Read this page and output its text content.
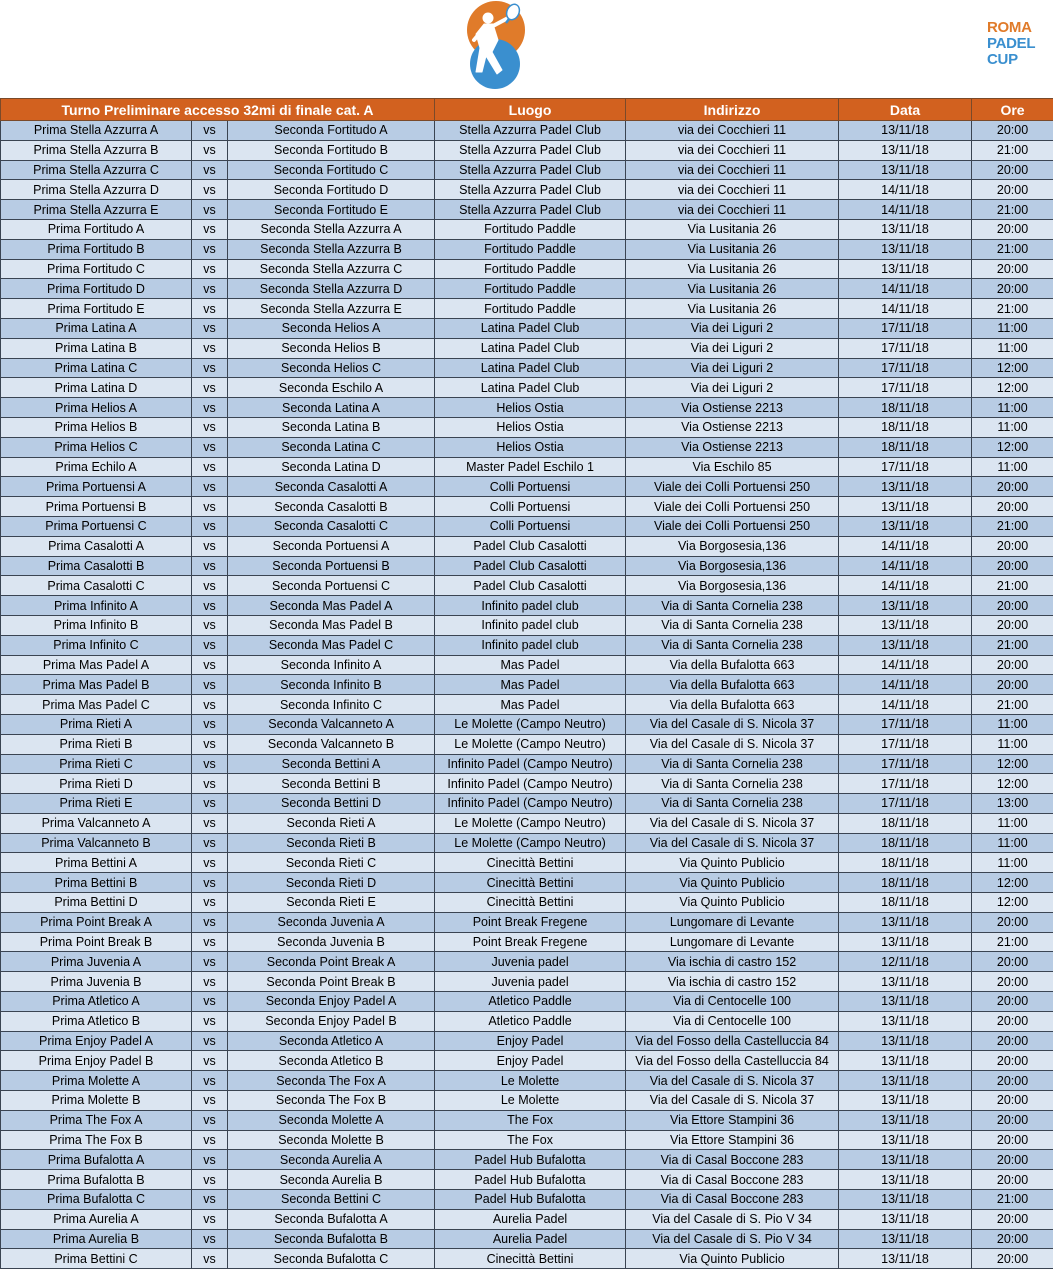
ROMA
PADEL
CUP
Turno Preliminare accesso 32mi di finale cat. A			Luogo	Indirizzo	Data	Ore
Prima Stella Azzurra A	vs	Seconda Fortitudo A	Stella Azzurra Padel Club	via dei Cocchieri 11	13/11/18	20:00
Prima Stella Azzurra B	vs	Seconda Fortitudo B	Stella Azzurra Padel Club	via dei Cocchieri 11	13/11/18	21:00
Prima Stella Azzurra C	vs	Seconda Fortitudo C	Stella Azzurra Padel Club	via dei Cocchieri 11	13/11/18	20:00
Prima Stella Azzurra D	vs	Seconda Fortitudo D	Stella Azzurra Padel Club	via dei Cocchieri 11	14/11/18	20:00
Prima Stella Azzurra E	vs	Seconda Fortitudo E	Stella Azzurra Padel Club	via dei Cocchieri 11	14/11/18	21:00
Prima Fortitudo A	vs	Seconda Stella Azzurra A	Fortitudo Paddle	Via Lusitania 26	13/11/18	20:00
Prima Fortitudo B	vs	Seconda Stella Azzurra B	Fortitudo Paddle	Via Lusitania 26	13/11/18	21:00
Prima Fortitudo C	vs	Seconda Stella Azzurra C	Fortitudo Paddle	Via Lusitania 26	13/11/18	20:00
Prima Fortitudo D	vs	Seconda Stella Azzurra D	Fortitudo Paddle	Via Lusitania 26	14/11/18	20:00
Prima Fortitudo E	vs	Seconda Stella Azzurra E	Fortitudo Paddle	Via Lusitania 26	14/11/18	21:00
Prima Latina A	vs	Seconda Helios A	Latina Padel Club	Via dei Liguri 2	17/11/18	11:00
Prima Latina B	vs	Seconda Helios B	Latina Padel Club	Via dei Liguri 2	17/11/18	11:00
Prima Latina C	vs	Seconda Helios C	Latina Padel Club	Via dei Liguri 2	17/11/18	12:00
Prima Latina D	vs	Seconda Eschilo A	Latina Padel Club	Via dei Liguri 2	17/11/18	12:00
Prima Helios A	vs	Seconda Latina A	Helios Ostia	Via Ostiense 2213	18/11/18	11:00
Prima Helios B	vs	Seconda Latina B	Helios Ostia	Via Ostiense 2213	18/11/18	11:00
Prima Helios C	vs	Seconda Latina C	Helios Ostia	Via Ostiense 2213	18/11/18	12:00
Prima Echilo A	vs	Seconda Latina D	Master Padel Eschilo 1	Via Eschilo 85	17/11/18	11:00
Prima Portuensi A	vs	Seconda Casalotti A	Colli Portuensi	Viale dei Colli Portuensi 250	13/11/18	20:00
Prima Portuensi B	vs	Seconda Casalotti B	Colli Portuensi	Viale dei Colli Portuensi 250	13/11/18	20:00
Prima Portuensi C	vs	Seconda Casalotti C	Colli Portuensi	Viale dei Colli Portuensi 250	13/11/18	21:00
Prima Casalotti A	vs	Seconda Portuensi A	Padel Club Casalotti	Via Borgosesia,136	14/11/18	20:00
Prima Casalotti B	vs	Seconda Portuensi B	Padel Club Casalotti	Via Borgosesia,136	14/11/18	20:00
Prima Casalotti C	vs	Seconda Portuensi C	Padel Club Casalotti	Via Borgosesia,136	14/11/18	21:00
Prima Infinito A	vs	Seconda Mas Padel A	Infinito padel club	Via di Santa Cornelia 238	13/11/18	20:00
Prima Infinito B	vs	Seconda Mas Padel B	Infinito padel club	Via di Santa Cornelia 238	13/11/18	20:00
Prima Infinito C	vs	Seconda Mas Padel C	Infinito padel club	Via di Santa Cornelia 238	13/11/18	21:00
Prima Mas Padel A	vs	Seconda Infinito A	Mas Padel	Via della Bufalotta 663	14/11/18	20:00
Prima Mas Padel B	vs	Seconda Infinito B	Mas Padel	Via della Bufalotta 663	14/11/18	20:00
Prima Mas Padel C	vs	Seconda Infinito C	Mas Padel	Via della Bufalotta 663	14/11/18	21:00
Prima Rieti A	vs	Seconda Valcanneto A	Le Molette (Campo Neutro)	Via del Casale di S. Nicola 37	17/11/18	11:00
Prima Rieti B	vs	Seconda Valcanneto B	Le Molette (Campo Neutro)	Via del Casale di S. Nicola 37	17/11/18	11:00
Prima Rieti C	vs	Seconda Bettini A	Infinito Padel (Campo Neutro)	Via di Santa Cornelia 238	17/11/18	12:00
Prima Rieti D	vs	Seconda Bettini B	Infinito Padel (Campo Neutro)	Via di Santa Cornelia 238	17/11/18	12:00
Prima Rieti E	vs	Seconda Bettini D	Infinito Padel (Campo Neutro)	Via di Santa Cornelia 238	17/11/18	13:00
Prima Valcanneto A	vs	Seconda Rieti A	Le Molette (Campo Neutro)	Via del Casale di S. Nicola 37	18/11/18	11:00
Prima Valcanneto B	vs	Seconda Rieti B	Le Molette (Campo Neutro)	Via del Casale di S. Nicola 37	18/11/18	11:00
Prima Bettini A	vs	Seconda Rieti C	Cinecittà Bettini	Via Quinto Publicio	18/11/18	11:00
Prima Bettini B	vs	Seconda Rieti D	Cinecittà Bettini	Via Quinto Publicio	18/11/18	12:00
Prima Bettini D	vs	Seconda Rieti E	Cinecittà Bettini	Via Quinto Publicio	18/11/18	12:00
Prima Point Break A	vs	Seconda Juvenia A	Point Break Fregene	Lungomare di Levante	13/11/18	20:00
Prima Point Break B	vs	Seconda Juvenia B	Point Break Fregene	Lungomare di Levante	13/11/18	21:00
Prima Juvenia A	vs	Seconda Point Break A	Juvenia padel	Via ischia di castro 152	12/11/18	20:00
Prima Juvenia B	vs	Seconda Point Break B	Juvenia padel	Via ischia di castro 152	13/11/18	20:00
Prima Atletico A	vs	Seconda Enjoy Padel A	Atletico Paddle	Via di Centocelle 100	13/11/18	20:00
Prima Atletico B	vs	Seconda Enjoy Padel B	Atletico Paddle	Via di Centocelle 100	13/11/18	20:00
Prima Enjoy Padel A	vs	Seconda Atletico A	Enjoy Padel	Via del Fosso della Castelluccia 84	13/11/18	20:00
Prima Enjoy Padel B	vs	Seconda Atletico B	Enjoy Padel	Via del Fosso della Castelluccia 84	13/11/18	20:00
Prima Molette A	vs	Seconda The Fox A	Le Molette	Via del Casale di S. Nicola 37	13/11/18	20:00
Prima Molette B	vs	Seconda The Fox B	Le Molette	Via del Casale di S. Nicola 37	13/11/18	20:00
Prima The Fox A	vs	Seconda Molette A	The Fox	Via Ettore Stampini 36	13/11/18	20:00
Prima The Fox B	vs	Seconda Molette B	The Fox	Via Ettore Stampini 36	13/11/18	20:00
Prima Bufalotta A	vs	Seconda Aurelia A	Padel Hub Bufalotta	Via di Casal Boccone 283	13/11/18	20:00
Prima Bufalotta B	vs	Seconda Aurelia B	Padel Hub Bufalotta	Via di Casal Boccone 283	13/11/18	20:00
Prima Bufalotta C	vs	Seconda Bettini C	Padel Hub Bufalotta	Via di Casal Boccone 283	13/11/18	21:00
Prima Aurelia A	vs	Seconda Bufalotta A	Aurelia Padel	Via del Casale di S. Pio V 34	13/11/18	20:00
Prima Aurelia B	vs	Seconda Bufalotta B	Aurelia Padel	Via del Casale di S. Pio V 34	13/11/18	20:00
Prima Bettini C	vs	Seconda Bufalotta C	Cinecittà Bettini	Via Quinto Publicio	13/11/18	20:00
